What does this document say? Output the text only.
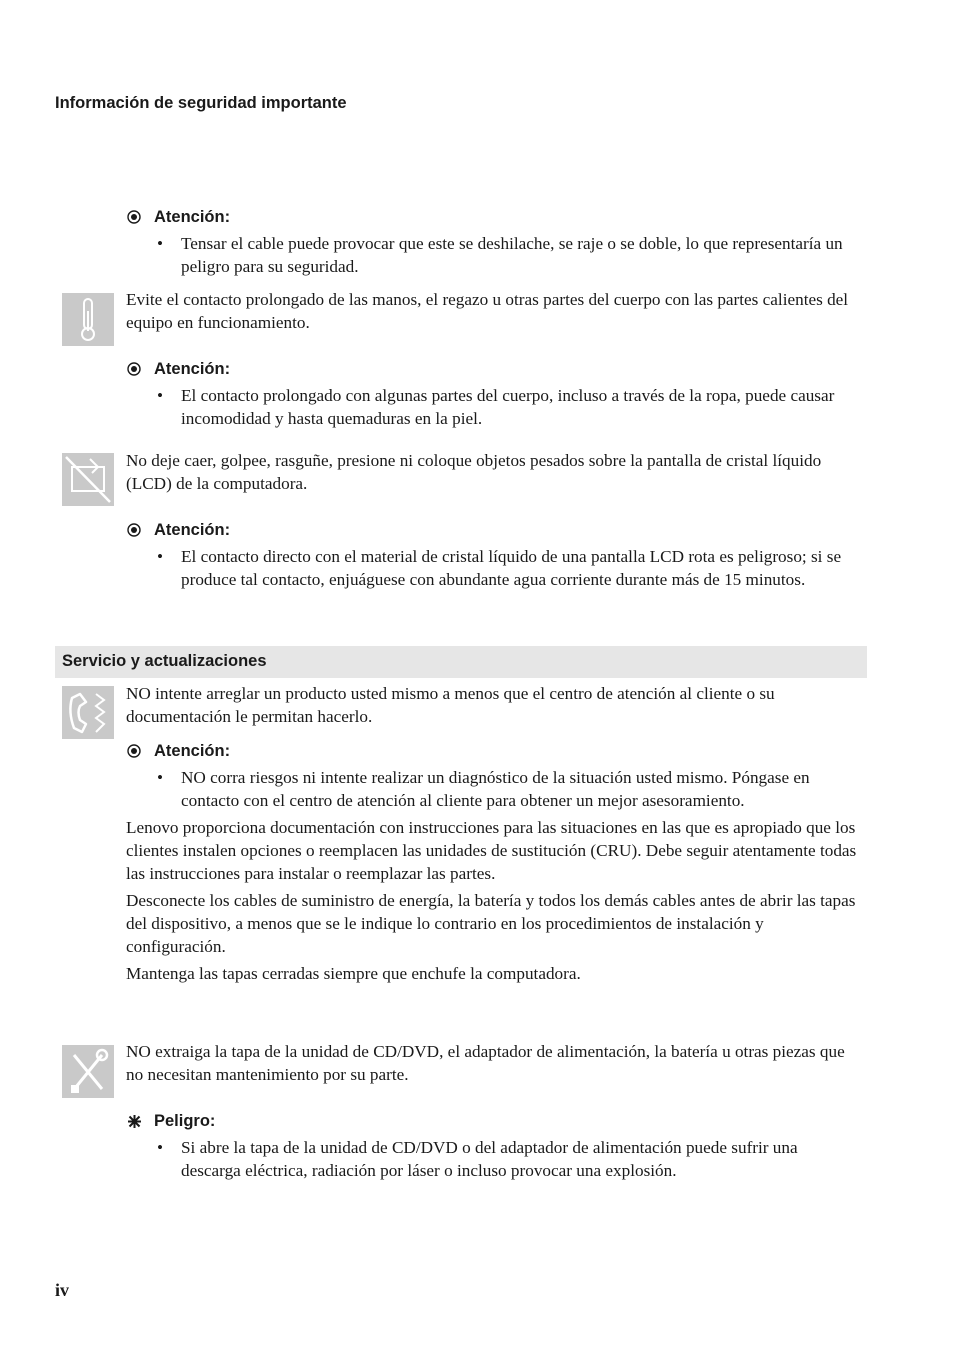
Información de seguridad importante
Atención:
• Tensar el cable puede provocar que este se deshilache, se raje o se doble, lo que representaría un peligro para su seguridad.

Evite el contacto prolongado de las manos, el regazo u otras partes del cuerpo con las partes calientes del equipo en funcionamiento.

Atención:
• El contacto prolongado con algunas partes del cuerpo, incluso a través de la ropa, puede causar incomodidad y hasta quemaduras en la piel.

No deje caer, golpee, rasguñe, presione ni coloque objetos pesados sobre la pantalla de cristal líquido (LCD) de la computadora.

Atención:
• El contacto directo con el material de cristal líquido de una pantalla LCD rota es peligroso; si se produce tal contacto, enjuáguese con abundante agua corriente durante más de 15 minutos.
Servicio y actualizaciones

NO intente arreglar un producto usted mismo a menos que el centro de atención al cliente o su documentación le permitan hacerlo.

Atención:
• NO corra riesgos ni intente realizar un diagnóstico de la situación usted mismo. Póngase en contacto con el centro de atención al cliente para obtener un mejor asesoramiento.

Lenovo proporciona documentación con instrucciones para las situaciones en las que es apropiado que los clientes instalen opciones o reemplacen las unidades de sustitución (CRU). Debe seguir atentamente todas las instrucciones para instalar o reemplazar las partes.

Desconecte los cables de suministro de energía, la batería y todos los demás cables antes de abrir las tapas del dispositivo, a menos que se le indique lo contrario en los procedimientos de instalación y configuración.

Mantenga las tapas cerradas siempre que enchufe la computadora.

NO extraiga la tapa de la unidad de CD/DVD, el adaptador de alimentación, la batería u otras piezas que no necesitan mantenimiento por su parte.

Peligro:
• Si abre la tapa de la unidad de CD/DVD o del adaptador de alimentación puede sufrir una descarga eléctrica, radiación por láser o incluso provocar una explosión.
iv
